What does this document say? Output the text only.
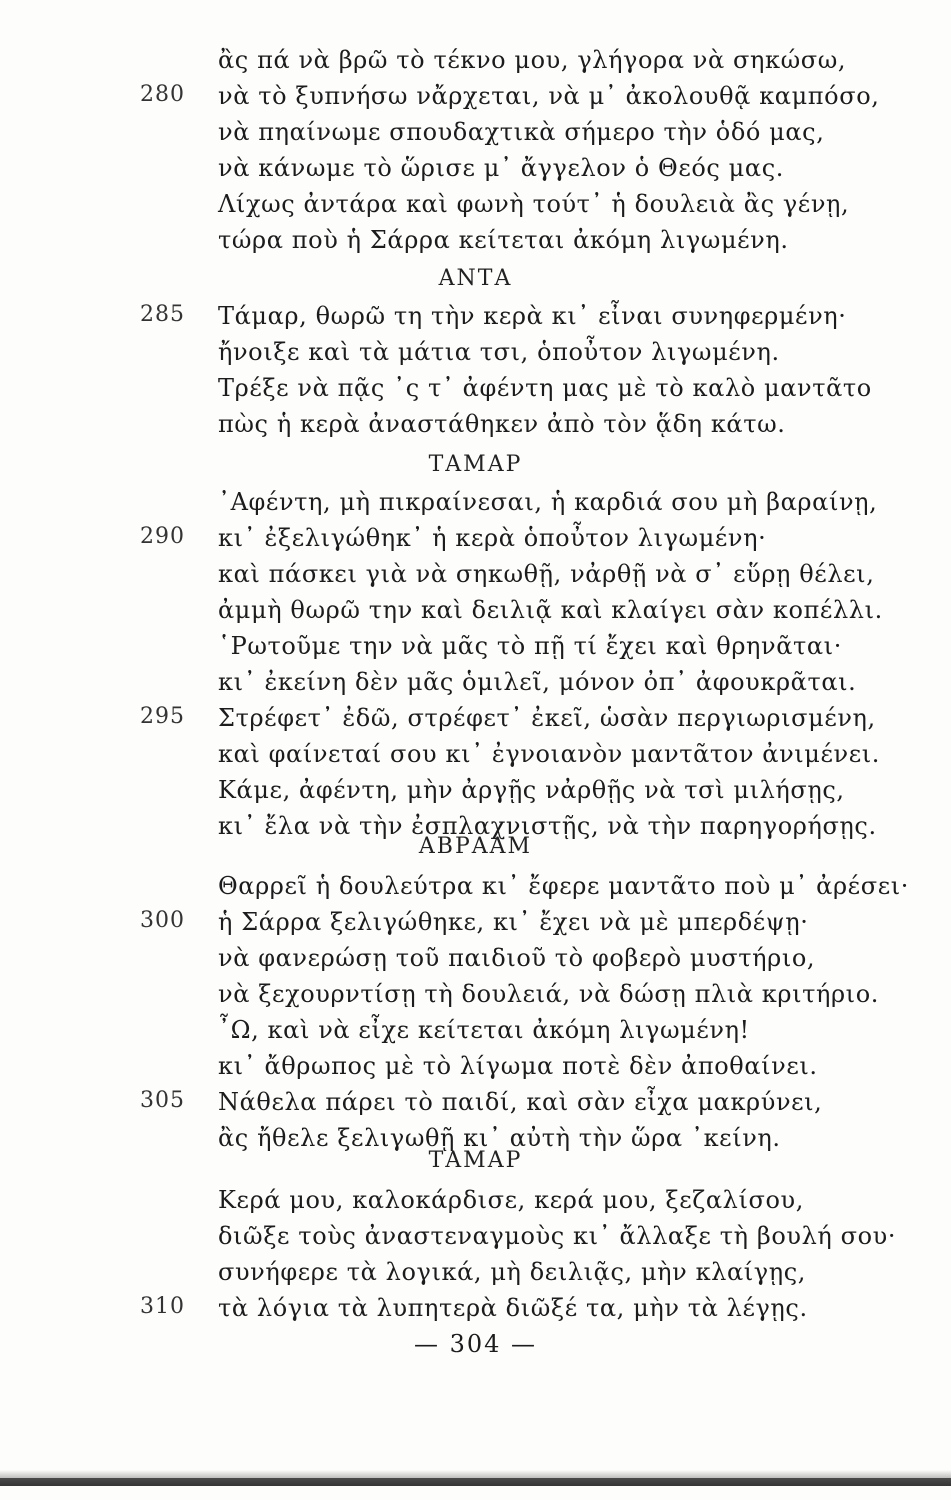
ἂς πά νὰ βρῶ τὸ τέκνο μου, γλήγορα νὰ σηκώσω,
280	νὰ τὸ ξυπνήσω νἄρχεται, νὰ μ᾿ ἀκολουθᾷ καμπόσο,
νὰ πηαίνωμε σπουδαχτικὰ σήμερο τὴν ὁδό μας,
νὰ κάνωμε τὸ ὥρισε μ᾿ ἄγγελον ὁ Θεός μας.
Λίχως ἀντάρα καὶ φωνὴ τούτ᾿ ἡ δουλειὰ ἂς γένῃ,
τώρα ποὺ ἡ Σάρρα κείτεται ἀκόμη λιγωμένη.
ΑΝΤΑ
285	Τάμαρ, θωρῶ τη τὴν κερὰ κι᾿ εἶναι συνηφερμένη·
ἤνοιξε καὶ τὰ μάτια τσι, ὁποὖτον λιγωμένη.
Τρέξε νὰ πᾷς ᾿ς τ᾿ ἀφέντη μας μὲ τὸ καλὸ μαντᾶτο
πὼς ἡ κερὰ ἀναστάθηκεν ἀπὸ τὸν ᾅδη κάτω.
ΤΑΜΑΡ
᾿Αφέντη, μὴ πικραίνεσαι, ἡ καρδιά σου μὴ βαραίνῃ,
290	κι᾿ ἐξελιγώθηκ᾿ ἡ κερὰ ὁποὖτον λιγωμένη·
καὶ πάσκει γιὰ νὰ σηκωθῇ, νἀρθῇ νὰ σ᾿ εὕρῃ θέλει,
ἀμμὴ θωρῶ την καὶ δειλιᾷ καὶ κλαίγει σὰν κοπέλλι.
῾Ρωτοῦμε την νὰ μᾶς τὸ πῇ τί ἔχει καὶ θρηνᾶται·
κι᾿ ἐκείνη δὲν μᾶς ὁμιλεῖ, μόνον ὀπ᾿ ἀφουκρᾶται.
295	Στρέφετ᾿ ἐδῶ, στρέφετ᾿ ἐκεῖ, ὡσὰν περγιωρισμένη,
καὶ φαίνεταί σου κι᾿ ἐγνοιανὸν μαντᾶτον ἀνιμένει.
Κάμε, ἀφέντη, μὴν ἀργῇς νἀρθῇς νὰ τσὶ μιλήσῃς,
κι᾿ ἔλα νὰ τὴν ἐσπλαχνιστῇς, νὰ τὴν παρηγορήσῃς.
ΑΒΡΑΑΜ
Θαρρεῖ ἡ δουλεύτρα κι᾿ ἔφερε μαντᾶτο ποὺ μ᾿ ἀρέσει·
300	ἡ Σάρρα ξελιγώθηκε, κι᾿ ἔχει νὰ μὲ μπερδέψῃ·
νὰ φανερώσῃ τοῦ παιδιοῦ τὸ φοβερὸ μυστήριο,
νὰ ξεχουρντίσῃ τὴ δουλειά, νὰ δώσῃ πλιὰ κριτήριο.
῏Ω, καὶ νὰ εἶχε κείτεται ἀκόμη λιγωμένη!
κι᾿ ἄθρωπος μὲ τὸ λίγωμα ποτὲ δὲν ἀποθαίνει.
305	Νάθελα πάρει τὸ παιδί, καὶ σὰν εἶχα μακρύνει,
ἂς ἤθελε ξελιγωθῇ κι᾿ αὐτὴ τὴν ὥρα ᾿κείνη.
ΤΑΜΑΡ
Κερά μου, καλοκάρδισε, κερά μου, ξεζαλίσου,
διῶξε τοὺς ἀναστεναγμοὺς κι᾿ ἄλλαξε τὴ βουλή σου·
συνήφερε τὰ λογικά, μὴ δειλιᾷς, μὴν κλαίγῃς,
310	τὰ λόγια τὰ λυπητερὰ διῶξέ τα, μὴν τὰ λέγῃς.
— 304 —
